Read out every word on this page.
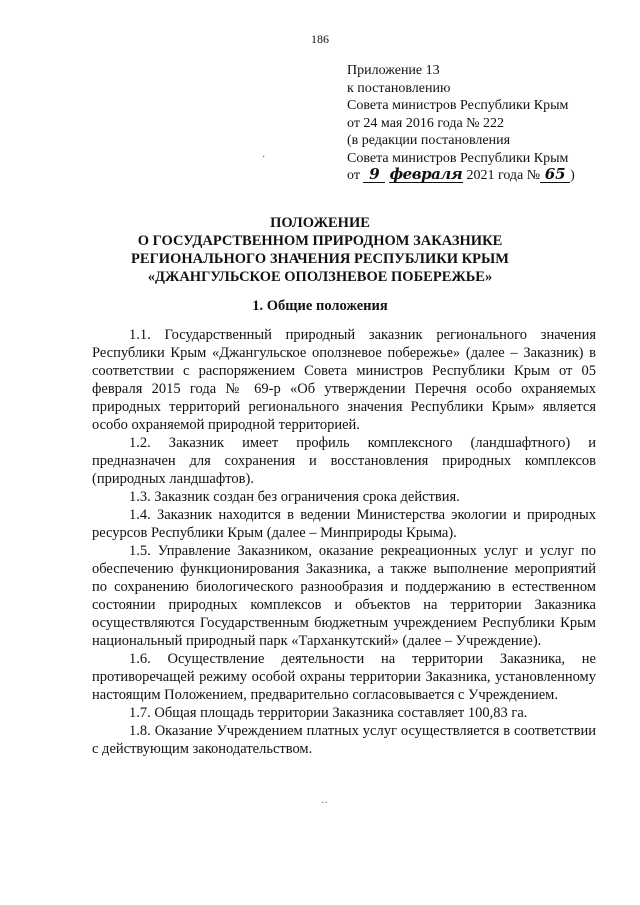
186
·
Приложение 13
к постановлению
Совета министров Республики Крым
от 24 мая 2016 года № 222
(в редакции постановления
Совета министров Республики Крым
от 9 февраля 2021 года № 65 )
ПОЛОЖЕНИЕ
О ГОСУДАРСТВЕННОМ ПРИРОДНОМ ЗАКАЗНИКЕ
РЕГИОНАЛЬНОГО ЗНАЧЕНИЯ РЕСПУБЛИКИ КРЫМ
«ДЖАНГУЛЬСКОЕ ОПОЛЗНЕВОЕ ПОБЕРЕЖЬЕ»
1. Общие положения

1.1. Государственный природный заказник регионального значения Республики Крым «Джангульское оползневое побережье» (далее – Заказник) в соответствии с распоряжением Совета министров Республики Крым от 05 февраля 2015 года № 69-р «Об утверждении Перечня особо охраняемых природных территорий регионального значения Республики Крым» является особо охраняемой природной территорией.

1.2. Заказник имеет профиль комплексного (ландшафтного) и предназначен для сохранения и восстановления природных комплексов (природных ландшафтов).

1.3. Заказник создан без ограничения срока действия.

1.4. Заказник находится в ведении Министерства экологии и природных ресурсов Республики Крым (далее – Минприроды Крыма).

1.5. Управление Заказником, оказание рекреационных услуг и услуг по обеспечению функционирования Заказника, а также выполнение мероприятий по сохранению биологического разнообразия и поддержанию в естественном состоянии природных комплексов и объектов на территории Заказника осуществляются Государственным бюджетным учреждением Республики Крым национальный природный парк «Тарханкутский» (далее – Учреждение).

1.6. Осуществление деятельности на территории Заказника, не противоречащей режиму особой охраны территории Заказника, установленному настоящим Положением, предварительно согласовывается с Учреждением.

1.7. Общая площадь территории Заказника составляет 100,83 га.

1.8. Оказание Учреждением платных услуг осуществляется в соответствии с действующим законодательством.

··
